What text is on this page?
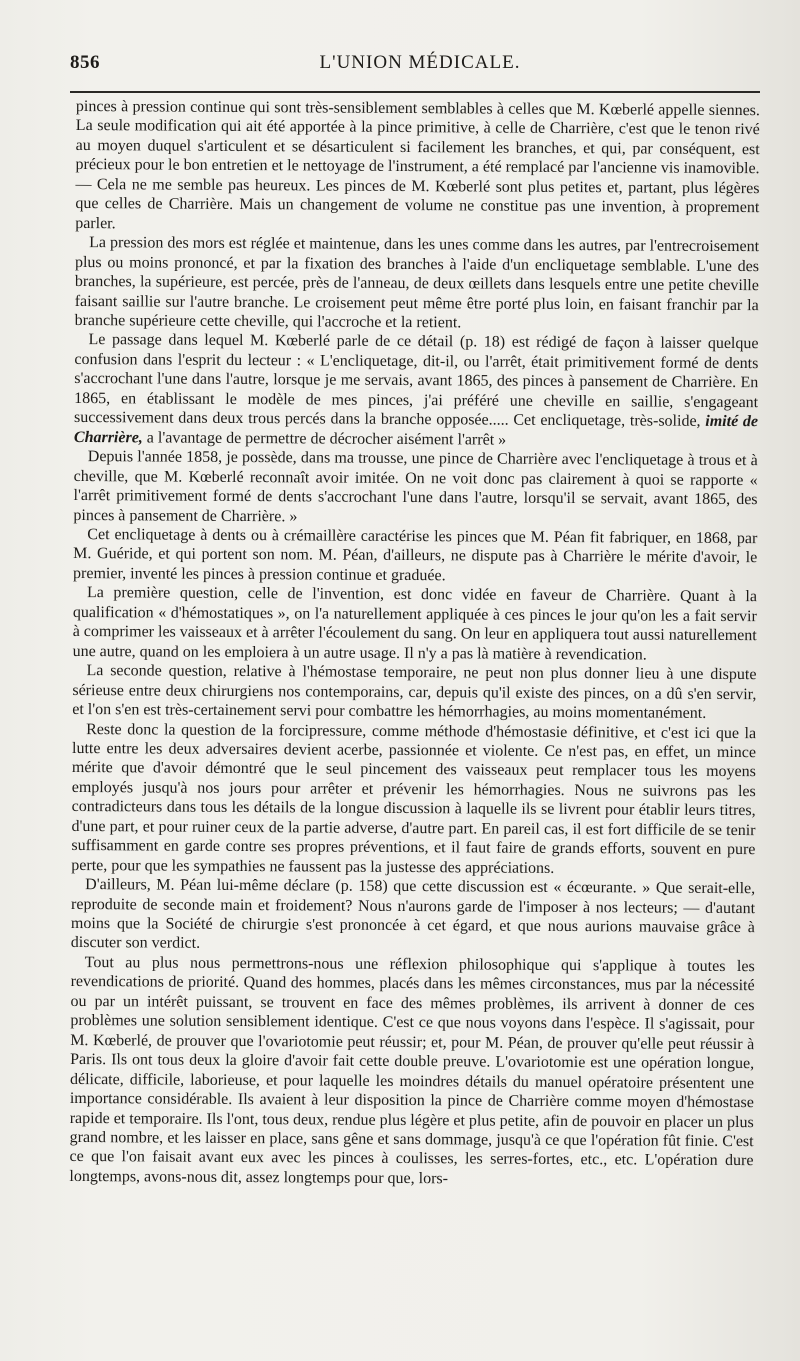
856	L'UNION MÉDICALE.

pinces à pression continue qui sont très-sensiblement semblables à celles que M. Kœberlé appelle siennes. La seule modification qui ait été apportée à la pince primitive, à celle de Charrière, c'est que le tenon rivé au moyen duquel s'articulent et se désarticulent si facilement les branches, et qui, par conséquent, est précieux pour le bon entretien et le nettoyage de l'instrument, a été remplacé par l'ancienne vis inamovible. — Cela ne me semble pas heureux. Les pinces de M. Kœberlé sont plus petites et, partant, plus légères que celles de Charrière. Mais un changement de volume ne constitue pas une invention, à proprement parler.

La pression des mors est réglée et maintenue, dans les unes comme dans les autres, par l'entrecroisement plus ou moins prononcé, et par la fixation des branches à l'aide d'un encliquetage semblable. L'une des branches, la supérieure, est percée, près de l'anneau, de deux œillets dans lesquels entre une petite cheville faisant saillie sur l'autre branche. Le croisement peut même être porté plus loin, en faisant franchir par la branche supérieure cette cheville, qui l'accroche et la retient.

Le passage dans lequel M. Kœberlé parle de ce détail (p. 18) est rédigé de façon à laisser quelque confusion dans l'esprit du lecteur : « L'encliquetage, dit-il, ou l'arrêt, était primitivement formé de dents s'accrochant l'une dans l'autre, lorsque je me servais, avant 1865, des pinces à pansement de Charrière. En 1865, en établissant le modèle de mes pinces, j'ai préféré une cheville en saillie, s'engageant successivement dans deux trous percés dans la branche opposée..... Cet encliquetage, très-solide, imité de Charrière, a l'avantage de permettre de décrocher aisément l'arrêt »

Depuis l'année 1858, je possède, dans ma trousse, une pince de Charrière avec l'encliquetage à trous et à cheville, que M. Kœberlé reconnaît avoir imitée. On ne voit donc pas clairement à quoi se rapporte « l'arrêt primitivement formé de dents s'accrochant l'une dans l'autre, lorsqu'il se servait, avant 1865, des pinces à pansement de Charrière. »

Cet encliquetage à dents ou à crémaillère caractérise les pinces que M. Péan fit fabriquer, en 1868, par M. Guéride, et qui portent son nom. M. Péan, d'ailleurs, ne dispute pas à Charrière le mérite d'avoir, le premier, inventé les pinces à pression continue et graduée.

La première question, celle de l'invention, est donc vidée en faveur de Charrière. Quant à la qualification « d'hémostatiques », on l'a naturellement appliquée à ces pinces le jour qu'on les a fait servir à comprimer les vaisseaux et à arrêter l'écoulement du sang. On leur en appliquera tout aussi naturellement une autre, quand on les emploiera à un autre usage. Il n'y a pas là matière à revendication.

La seconde question, relative à l'hémostase temporaire, ne peut non plus donner lieu à une dispute sérieuse entre deux chirurgiens nos contemporains, car, depuis qu'il existe des pinces, on a dû s'en servir, et l'on s'en est très-certainement servi pour combattre les hémorrhagies, au moins momentanément.

Reste donc la question de la forcipressure, comme méthode d'hémostasie définitive, et c'est ici que la lutte entre les deux adversaires devient acerbe, passionnée et violente. Ce n'est pas, en effet, un mince mérite que d'avoir démontré que le seul pincement des vaisseaux peut remplacer tous les moyens employés jusqu'à nos jours pour arrêter et prévenir les hémorrhagies. Nous ne suivrons pas les contradicteurs dans tous les détails de la longue discussion à laquelle ils se livrent pour établir leurs titres, d'une part, et pour ruiner ceux de la partie adverse, d'autre part. En pareil cas, il est fort difficile de se tenir suffisamment en garde contre ses propres préventions, et il faut faire de grands efforts, souvent en pure perte, pour que les sympathies ne faussent pas la justesse des appréciations.

D'ailleurs, M. Péan lui-même déclare (p. 158) que cette discussion est « écœurante. » Que serait-elle, reproduite de seconde main et froidement? Nous n'aurons garde de l'imposer à nos lecteurs; — d'autant moins que la Société de chirurgie s'est prononcée à cet égard, et que nous aurions mauvaise grâce à discuter son verdict.

Tout au plus nous permettrons-nous une réflexion philosophique qui s'applique à toutes les revendications de priorité. Quand des hommes, placés dans les mêmes circonstances, mus par la nécessité ou par un intérêt puissant, se trouvent en face des mêmes problèmes, ils arrivent à donner de ces problèmes une solution sensiblement identique. C'est ce que nous voyons dans l'espèce. Il s'agissait, pour M. Kœberlé, de prouver que l'ovariotomie peut réussir; et, pour M. Péan, de prouver qu'elle peut réussir à Paris. Ils ont tous deux la gloire d'avoir fait cette double preuve. L'ovariotomie est une opération longue, délicate, difficile, laborieuse, et pour laquelle les moindres détails du manuel opératoire présentent une importance considérable. Ils avaient à leur disposition la pince de Charrière comme moyen d'hémostase rapide et temporaire. Ils l'ont, tous deux, rendue plus légère et plus petite, afin de pouvoir en placer un plus grand nombre, et les laisser en place, sans gêne et sans dommage, jusqu'à ce que l'opération fût finie. C'est ce que l'on faisait avant eux avec les pinces à coulisses, les serres-fortes, etc., etc. L'opération dure longtemps, avons-nous dit, assez longtemps pour que, lors-
